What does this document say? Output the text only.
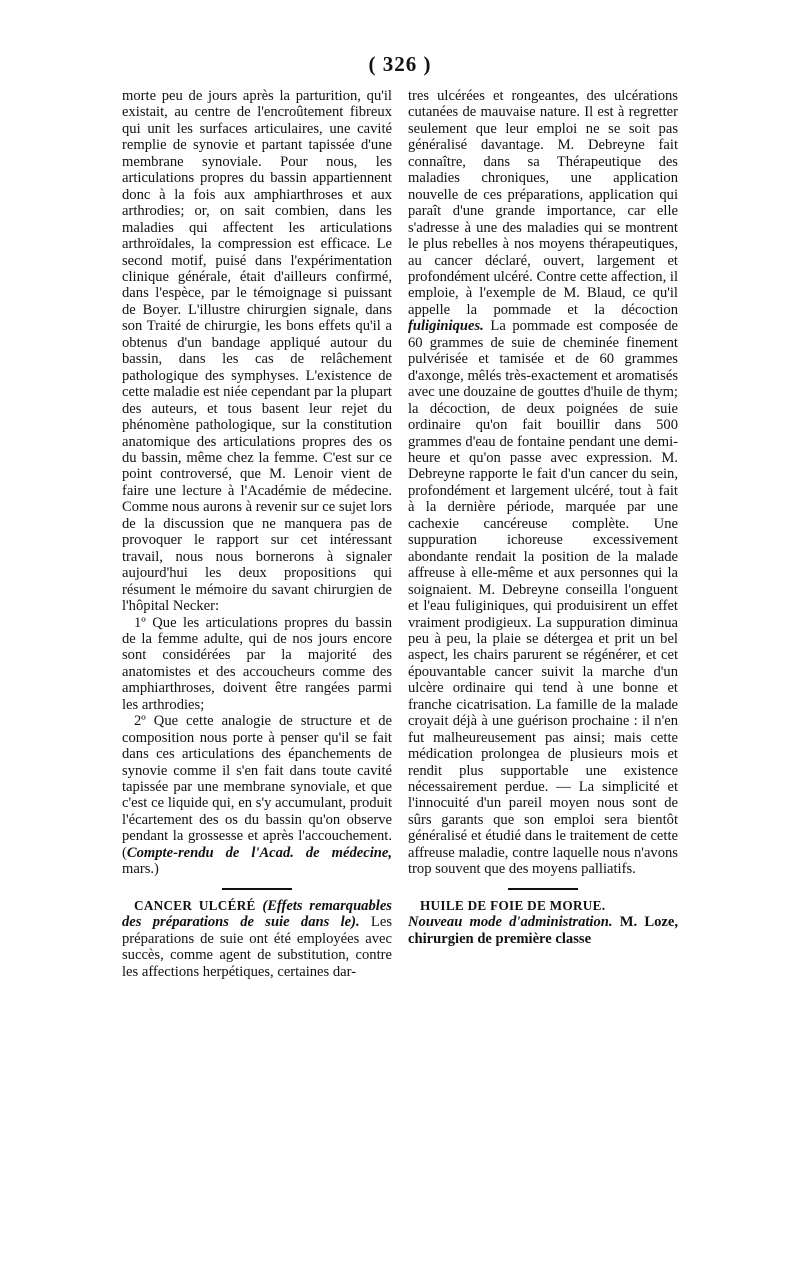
( 326 )

morte peu de jours après la parturition, qu'il existait, au centre de l'encroûtement fibreux qui unit les surfaces articulaires, une cavité remplie de synovie et partant tapissée d'une membrane synoviale. Pour nous, les articulations propres du bassin appartiennent donc à la fois aux amphiarthroses et aux arthrodies; or, on sait combien, dans les maladies qui affectent les articulations arthroïdales, la compression est efficace. Le second motif, puisé dans l'expérimentation clinique générale, était d'ailleurs confirmé, dans l'espèce, par le témoignage si puissant de Boyer. L'illustre chirurgien signale, dans son Traité de chirurgie, les bons effets qu'il a obtenus d'un bandage appliqué autour du bassin, dans les cas de relâchement pathologique des symphyses. L'existence de cette maladie est niée cependant par la plupart des auteurs, et tous basent leur rejet du phénomène pathologique, sur la constitution anatomique des articulations propres des os du bassin, même chez la femme. C'est sur ce point controversé, que M. Lenoir vient de faire une lecture à l'Académie de médecine. Comme nous aurons à revenir sur ce sujet lors de la discussion que ne manquera pas de provoquer le rapport sur cet intéressant travail, nous nous bornerons à signaler aujourd'hui les deux propositions qui résument le mémoire du savant chirurgien de l'hôpital Necker:

1º Que les articulations propres du bassin de la femme adulte, qui de nos jours encore sont considérées par la majorité des anatomistes et des accoucheurs comme des amphiarthroses, doivent être rangées parmi les arthrodies;

2º Que cette analogie de structure et de composition nous porte à penser qu'il se fait dans ces articulations des épanchements de synovie comme il s'en fait dans toute cavité tapissée par une membrane synoviale, et que c'est ce liquide qui, en s'y accumulant, produit l'écartement des os du bassin qu'on observe pendant la grossesse et après l'accouchement. (Compte-rendu de l'Acad. de médecine, mars.)

CANCER ULCÉRÉ (Effets remarquables des préparations de suie dans le). Les préparations de suie ont été employées avec succès, comme agent de substitution, contre les affections herpétiques, certaines dar-

tres ulcérées et rongeantes, des ulcérations cutanées de mauvaise nature. Il est à regretter seulement que leur emploi ne se soit pas généralisé davantage. M. Debreyne fait connaître, dans sa Thérapeutique des maladies chroniques, une application nouvelle de ces préparations, application qui paraît d'une grande importance, car elle s'adresse à une des maladies qui se montrent le plus rebelles à nos moyens thérapeutiques, au cancer déclaré, ouvert, largement et profondément ulcéré. Contre cette affection, il emploie, à l'exemple de M. Blaud, ce qu'il appelle la pommade et la décoction fuliginiques. La pommade est composée de 60 grammes de suie de cheminée finement pulvérisée et tamisée et de 60 grammes d'axonge, mêlés très-exactement et aromatisés avec une douzaine de gouttes d'huile de thym; la décoction, de deux poignées de suie ordinaire qu'on fait bouillir dans 500 grammes d'eau de fontaine pendant une demi-heure et qu'on passe avec expression. M. Debreyne rapporte le fait d'un cancer du sein, profondément et largement ulcéré, tout à fait à la dernière période, marquée par une cachexie cancéreuse complète. Une suppuration ichoreuse excessivement abondante rendait la position de la malade affreuse à elle-même et aux personnes qui la soignaient. M. Debreyne conseilla l'onguent et l'eau fuliginiques, qui produisirent un effet vraiment prodigieux. La suppuration diminua peu à peu, la plaie se détergea et prit un bel aspect, les chairs parurent se régénérer, et cet épouvantable cancer suivit la marche d'un ulcère ordinaire qui tend à une bonne et franche cicatrisation. La famille de la malade croyait déjà à une guérison prochaine : il n'en fut malheureusement pas ainsi; mais cette médication prolongea de plusieurs mois et rendit plus supportable une existence nécessairement perdue. — La simplicité et l'innocuité d'un pareil moyen nous sont de sûrs garants que son emploi sera bientôt généralisé et étudié dans le traitement de cette affreuse maladie, contre laquelle nous n'avons trop souvent que des moyens palliatifs.

HUILE DE FOIE DE MORUE.
Nouveau mode d'administration. M. Loze, chirurgien de première classe
